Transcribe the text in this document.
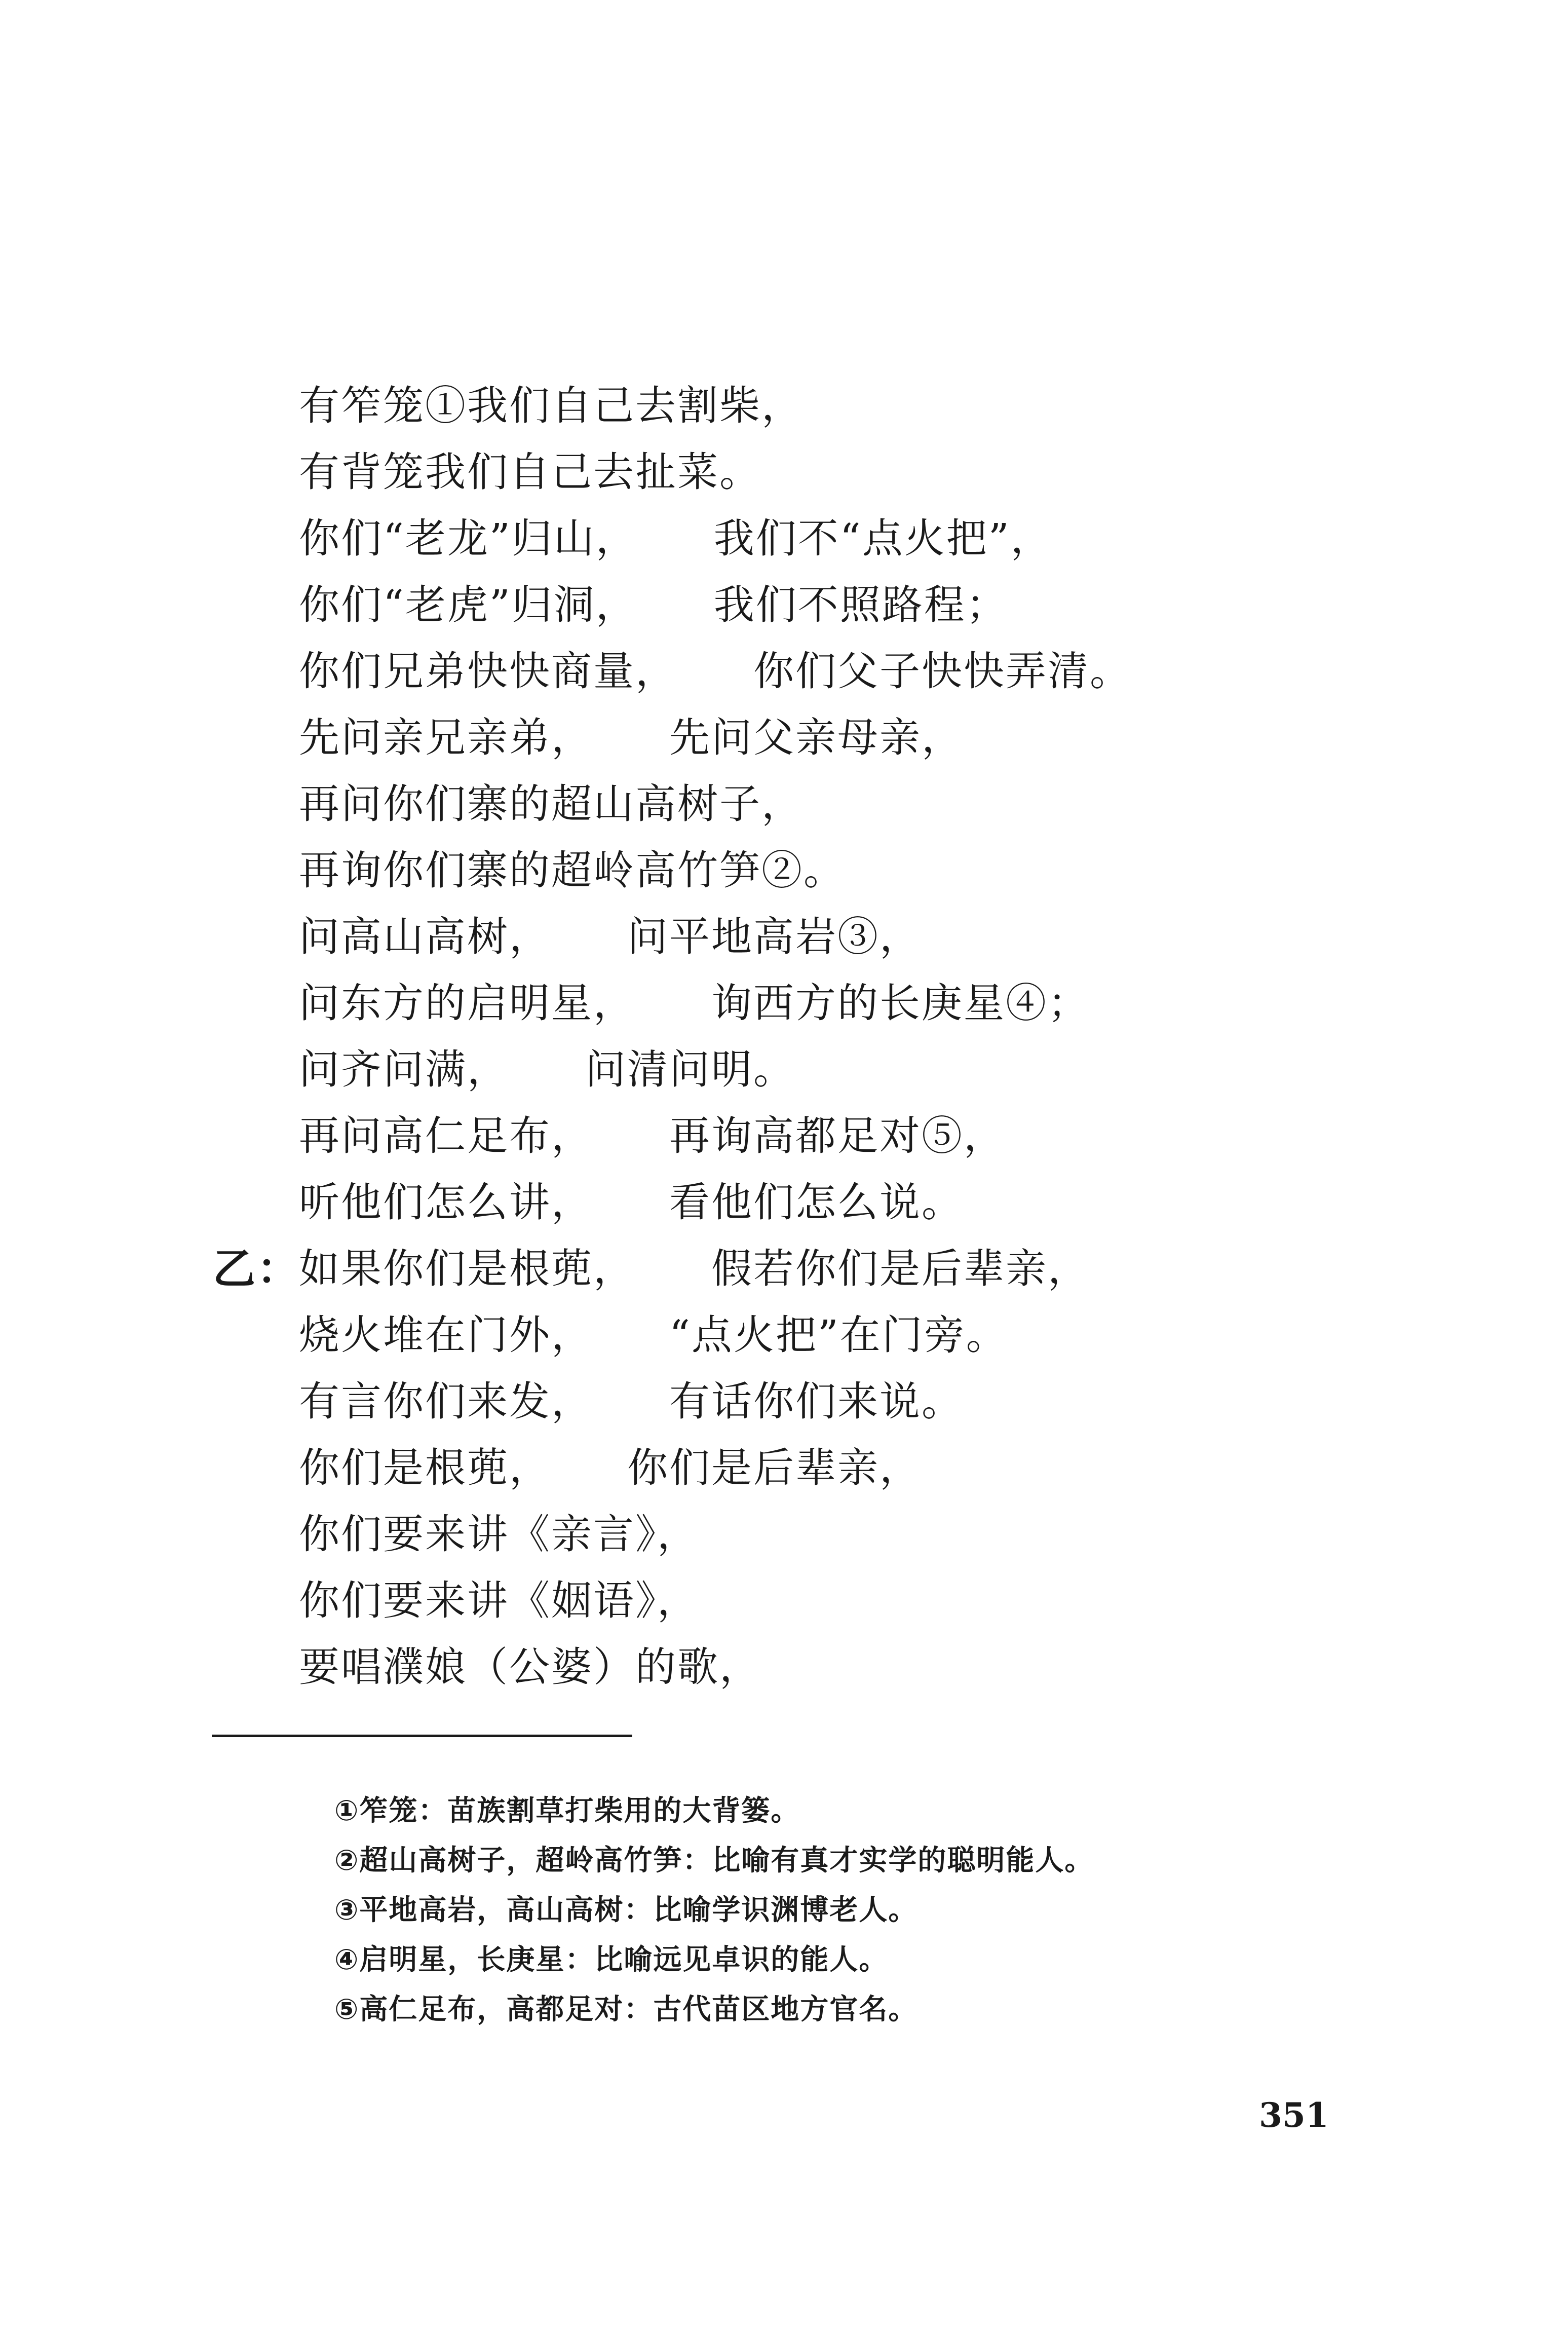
有笮笼①我们自己去割柴，
有背笼我们自己去扯菜。
你们“老龙”归山， 我们不“点火把”，
你们“老虎”归洞， 我们不照路程；
你们兄弟快快商量， 你们父子快快弄清。
先问亲兄亲弟， 先问父亲母亲，
再问你们寨的超山高树子，
再询你们寨的超岭高竹笋②。
问高山高树， 问平地高岩③，
问东方的启明星， 询西方的长庚星④；
问齐问满， 问清问明。
再问高仁足布， 再询高都足对⑤，
听他们怎么讲， 看他们怎么说。
乙：
如果你们是根蔸， 假若你们是后辈亲，
烧火堆在门外， “点火把”在门旁。
有言你们来发， 有话你们来说。
你们是根蔸， 你们是后辈亲，
你们要来讲《亲言》，
你们要来讲《姻语》，
要唱濮娘（公婆）的歌，
①笮笼：苗族割草打柴用的大背篓。
②超山高树子，超岭高竹笋：比喻有真才实学的聪明能人。
③平地高岩，高山高树：比喻学识渊博老人。
④启明星，长庚星：比喻远见卓识的能人。
⑤高仁足布，高都足对：古代苗区地方官名。
351
